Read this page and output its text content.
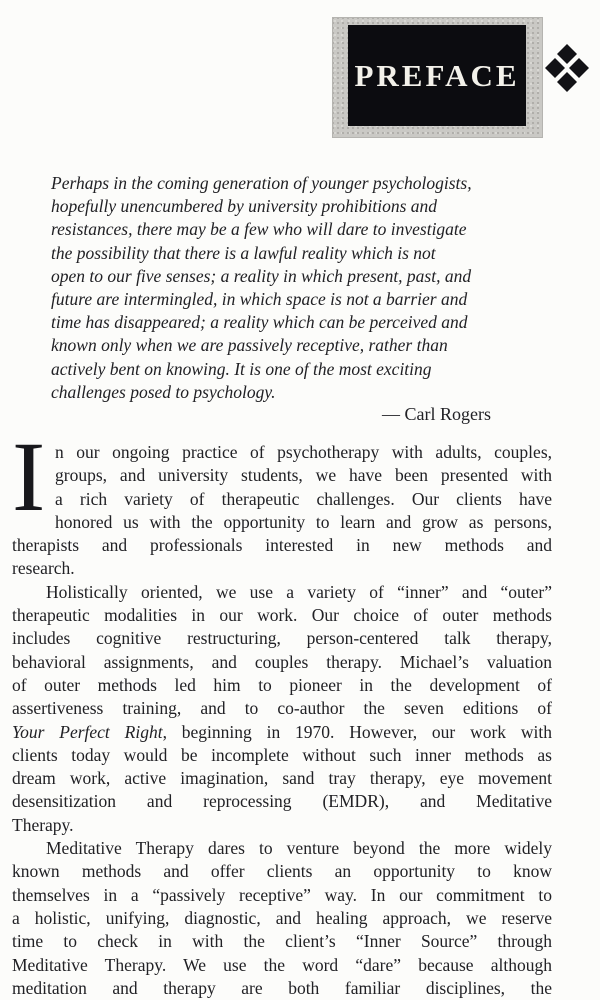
PREFACE
Perhaps in the coming generation of younger psychologists,
hopefully unencumbered by university prohibitions and
resistances, there may be a few who will dare to investigate
the possibility that there is a lawful reality which is not
open to our five senses; a reality in which present, past, and
future are intermingled, in which space is not a barrier and
time has disappeared; a reality which can be perceived and
known only when we are passively receptive, rather than
actively bent on knowing. It is one of the most exciting
challenges posed to psychology.
— Carl Rogers
I n our ongoing practice of psychotherapy with adults, couples,
groups, and university students, we have been presented with
a rich variety of therapeutic challenges. Our clients have
honored us with the opportunity to learn and grow as persons,
therapists and professionals interested in new methods and
research.
Holistically oriented, we use a variety of “inner” and “outer”
therapeutic modalities in our work. Our choice of outer methods
includes cognitive restructuring, person-centered talk therapy,
behavioral assignments, and couples therapy. Michael’s valuation
of outer methods led him to pioneer in the development of
assertiveness training, and to co-author the seven editions of
Your Perfect Right, beginning in 1970. However, our work with
clients today would be incomplete without such inner methods as
dream work, active imagination, sand tray therapy, eye movement
desensitization and reprocessing (EMDR), and Meditative
Therapy.
Meditative Therapy dares to venture beyond the more widely
known methods and offer clients an opportunity to know
themselves in a “passively receptive” way. In our commitment to
a holistic, unifying, diagnostic, and healing approach, we reserve
time to check in with the client’s “Inner Source” through
Meditative Therapy. We use the word “dare” because although
meditation and therapy are both familiar disciplines, the
